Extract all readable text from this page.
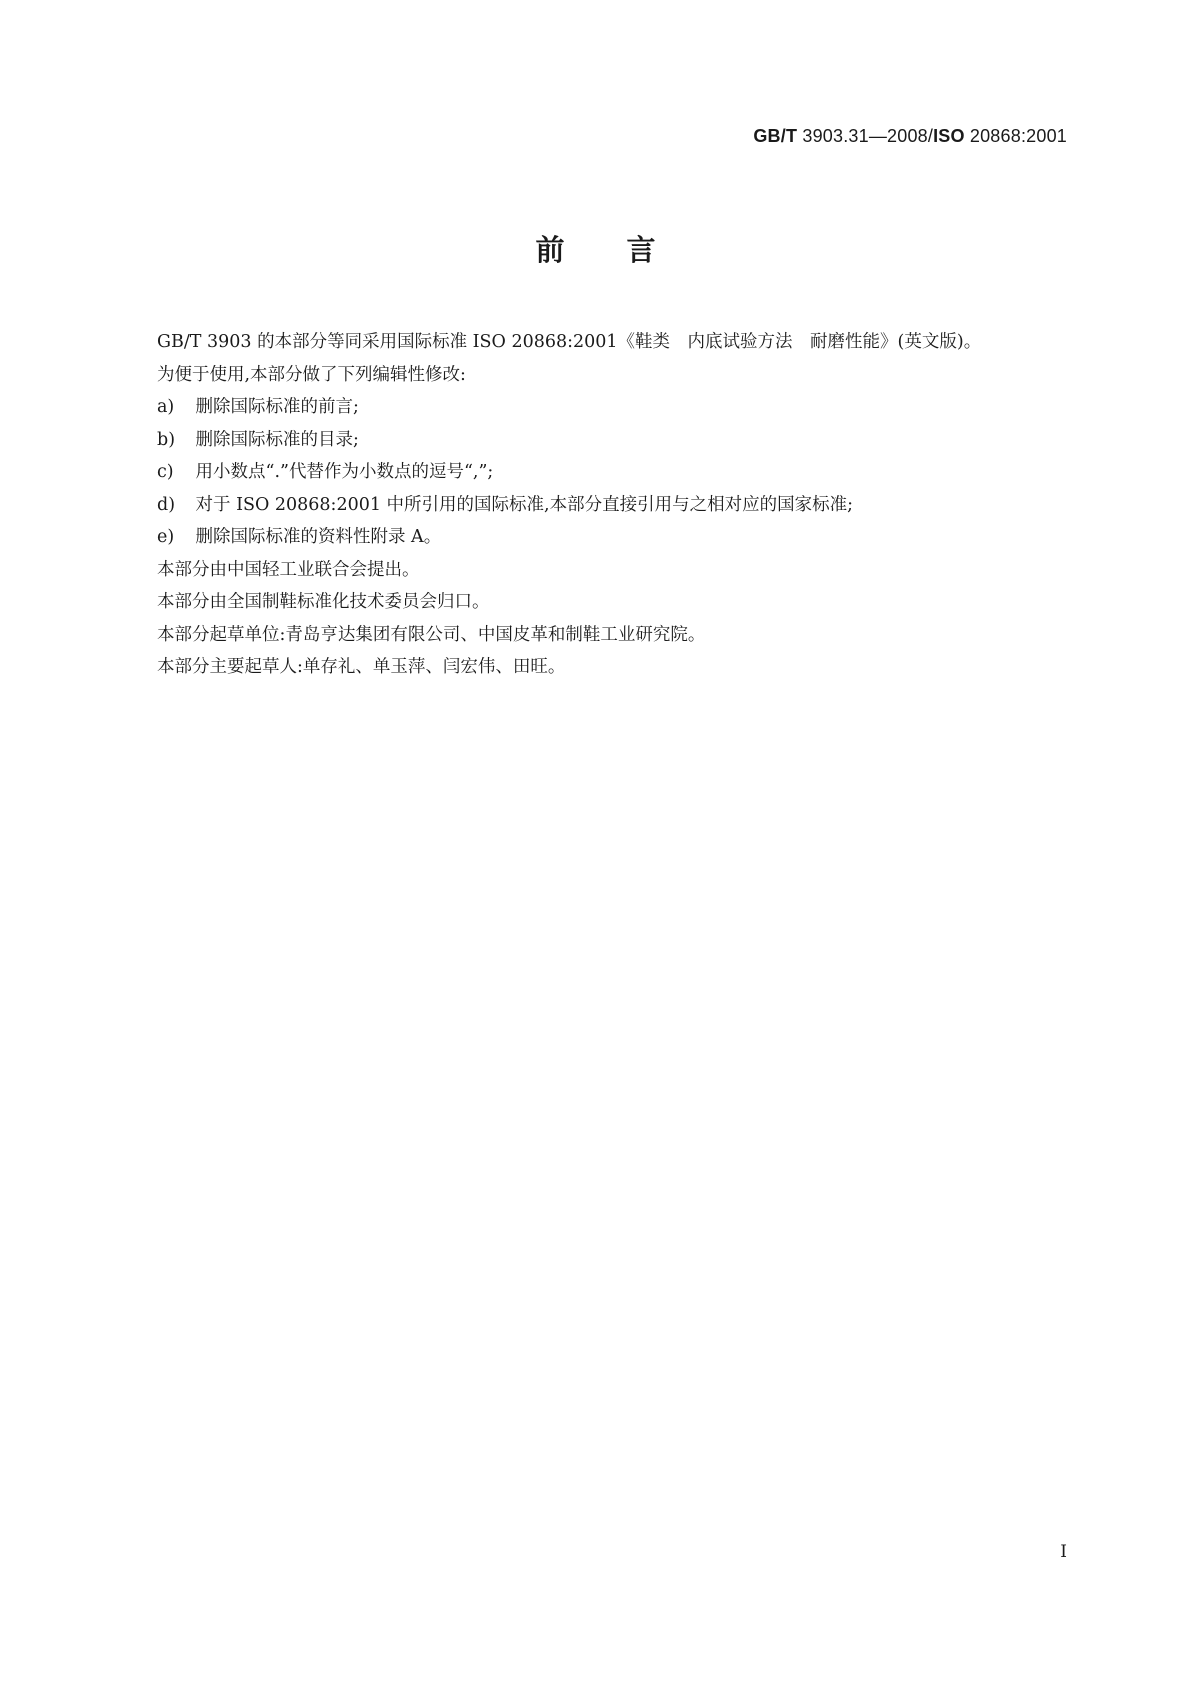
GB/T 3903.31—2008/ISO 20868:2001
前言

GB/T 3903 的本部分等同采用国际标准 ISO 20868:2001《鞋类　内底试验方法　耐磨性能》(英文版)。

为便于使用,本部分做了下列编辑性修改:

a) 删除国际标准的前言;

b) 删除国际标准的目录;

c) 用小数点“.”代替作为小数点的逗号“,”;

d) 对于 ISO 20868:2001 中所引用的国际标准,本部分直接引用与之相对应的国家标准;

e) 删除国际标准的资料性附录 A。

本部分由中国轻工业联合会提出。

本部分由全国制鞋标准化技术委员会归口。

本部分起草单位:青岛亨达集团有限公司、中国皮革和制鞋工业研究院。

本部分主要起草人:单存礼、单玉萍、闫宏伟、田旺。

I
